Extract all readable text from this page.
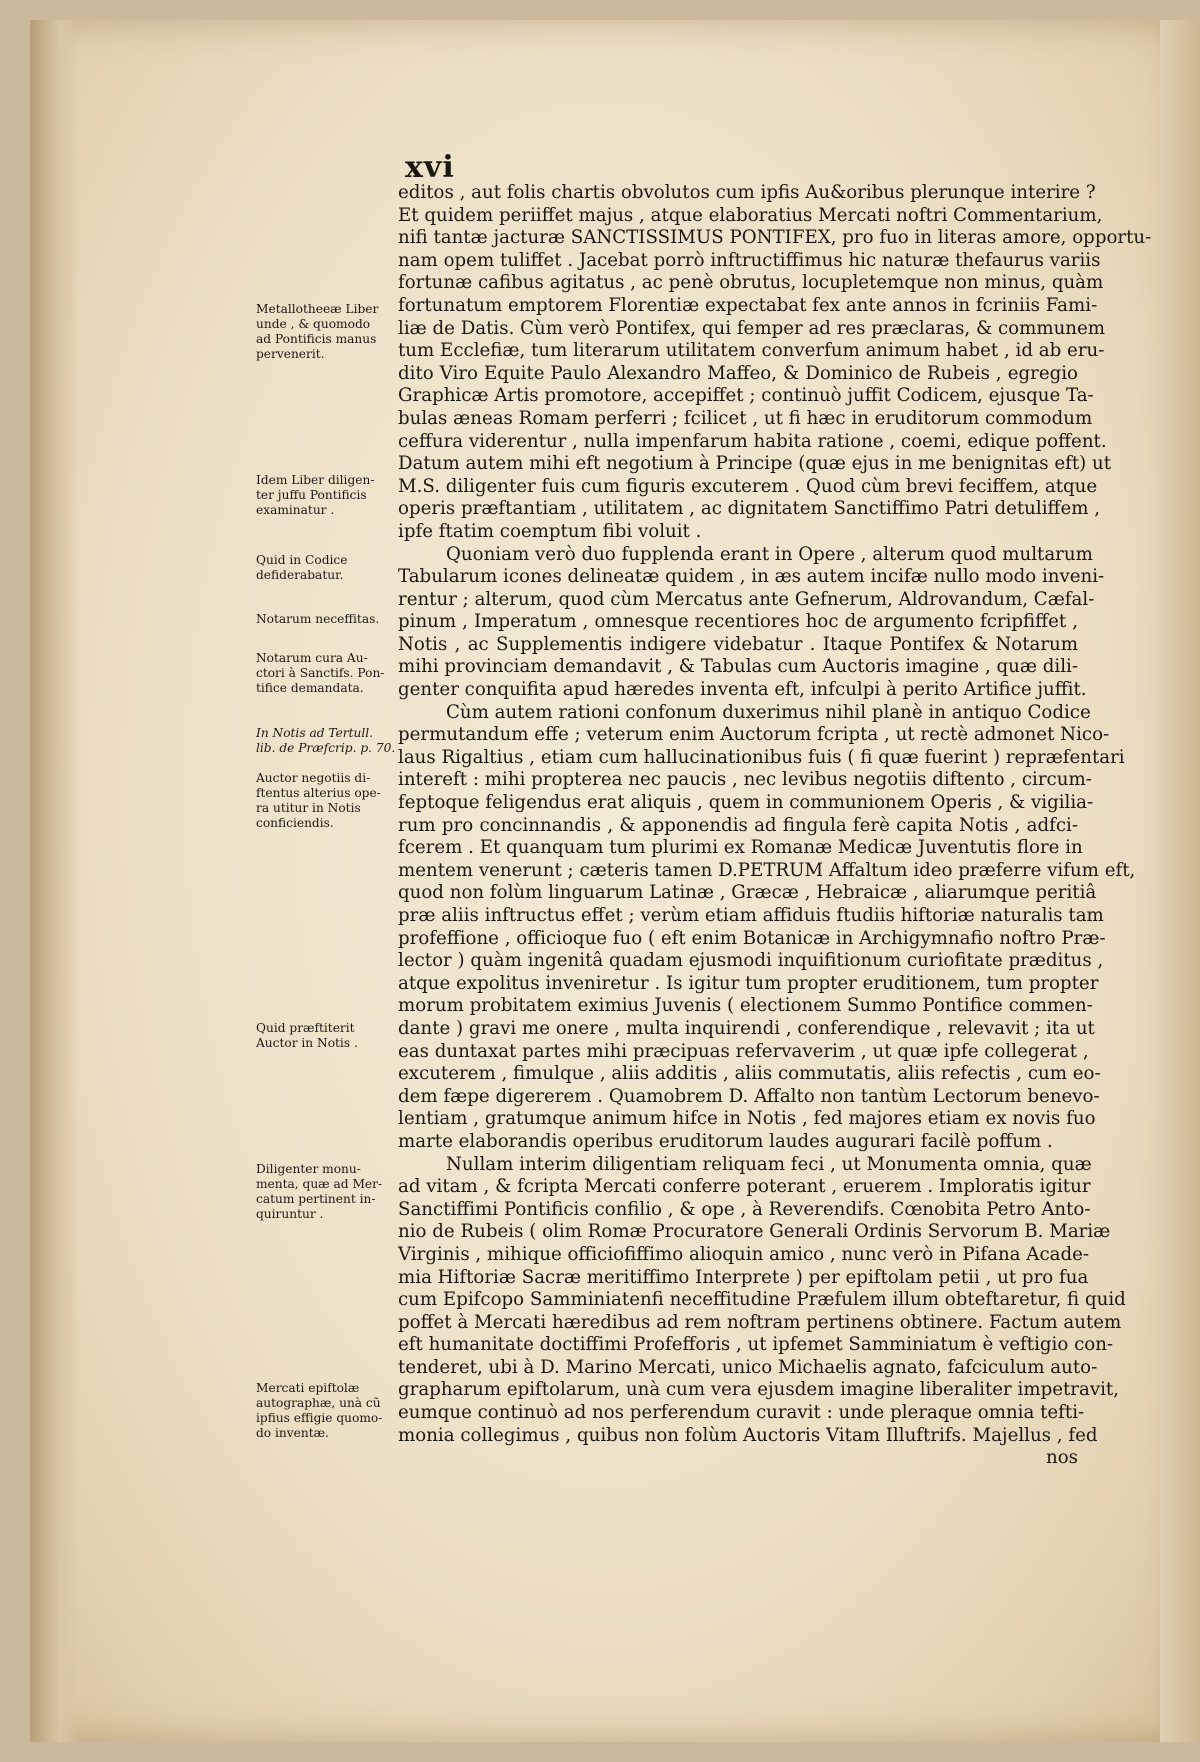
xvi
editos , aut folis chartis obvolutos cum ipfis Au&oribus plerunque interire ?
Et quidem periiffet majus , atque elaboratius Mercati noftri Commentarium,
nifi tantæ jacturæ SANCTISSIMUS PONTIFEX, pro fuo in literas amore, opportu-
nam opem tuliffet . Jacebat porrò inftructiffimus hic naturæ thefaurus variis
fortunæ cafibus agitatus , ac penè obrutus, locupletemque non minus, quàm
fortunatum emptorem Florentiæ expectabat fex ante annos in fcriniis Fami-
liæ de Datis. Cùm verò Pontifex, qui femper ad res præclaras, & communem
tum Ecclefiæ, tum literarum utilitatem converfum animum habet , id ab eru-
dito Viro Equite Paulo Alexandro Maffeo, & Dominico de Rubeis , egregio
Graphicæ Artis promotore, accepiffet ; continuò juffit Codicem, ejusque Ta-
bulas æneas Romam perferri ; fcilicet , ut fi hæc in eruditorum commodum
ceffura viderentur , nulla impenfarum habita ratione , coemi, edique poffent.
Datum autem mihi eft negotium à Principe (quæ ejus in me benignitas eft) ut
M.S. diligenter fuis cum figuris excuterem . Quod cùm brevi feciffem, atque
operis præftantiam , utilitatem , ac dignitatem Sanctiffimo Patri detuliffem ,
ipfe ftatim coemptum fibi voluit .
Quoniam verò duo fupplenda erant in Opere , alterum quod multarum
Tabularum icones delineatæ quidem , in æs autem incifæ nullo modo inveni-
rentur ; alterum, quod cùm Mercatus ante Gefnerum, Aldrovandum, Cæfal-
pinum , Imperatum , omnesque recentiores hoc de argumento fcripfiffet ,
Notis , ac Supplementis indigere videbatur . Itaque Pontifex & Notarum
mihi provinciam demandavit , & Tabulas cum Auctoris imagine , quæ dili-
genter conquifita apud hæredes inventa eft, infculpi à perito Artifice juffit.
Cùm autem rationi confonum duxerimus nihil planè in antiquo Codice
permutandum effe ; veterum enim Auctorum fcripta , ut rectè admonet Nico-
laus Rigaltius , etiam cum hallucinationibus fuis ( fi quæ fuerint ) repræfentari
intereft : mihi propterea nec paucis , nec levibus negotiis diftento , circum-
feptoque feligendus erat aliquis , quem in communionem Operis , & vigilia-
rum pro concinnandis , & apponendis ad fingula ferè capita Notis , adfci-
fcerem . Et quanquam tum plurimi ex Romanæ Medicæ Juventutis flore in
mentem venerunt ; cæteris tamen D.PETRUM Affaltum ideo præferre vifum eft,
quod non folùm linguarum Latinæ , Græcæ , Hebraicæ , aliarumque peritiâ
præ aliis inftructus effet ; verùm etiam affiduis ftudiis hiftoriæ naturalis tam
profeffione , officioque fuo ( eft enim Botanicæ in Archigymnafio noftro Præ-
lector ) quàm ingenitâ quadam ejusmodi inquifitionum curiofitate præditus ,
atque expolitus inveniretur . Is igitur tum propter eruditionem, tum propter
morum probitatem eximius Juvenis ( electionem Summo Pontifice commen-
dante ) gravi me onere , multa inquirendi , conferendique , relevavit ; ita ut
eas duntaxat partes mihi præcipuas refervaverim , ut quæ ipfe collegerat ,
excuterem , fimulque , aliis additis , aliis commutatis, aliis refectis , cum eo-
dem fæpe digererem . Quamobrem D. Affalto non tantùm Lectorum benevo-
lentiam , gratumque animum hifce in Notis , fed majores etiam ex novis fuo
marte elaborandis operibus eruditorum laudes augurari facilè poffum .
Nullam interim diligentiam reliquam feci , ut Monumenta omnia, quæ
ad vitam , & fcripta Mercati conferre poterant , eruerem . Imploratis igitur
Sanctiffimi Pontificis confilio , & ope , à Reverendifs. Cœnobita Petro Anto-
nio de Rubeis ( olim Romæ Procuratore Generali Ordinis Servorum B. Mariæ
Virginis , mihique officiofiffimo alioquin amico , nunc verò in Pifana Acade-
mia Hiftoriæ Sacræ meritiffimo Interprete ) per epiftolam petii , ut pro fua
cum Epifcopo Samminiatenfi neceffitudine Præfulem illum obteftaretur, fi quid
poffet à Mercati hæredibus ad rem noftram pertinens obtinere. Factum autem
eft humanitate doctiffimi Profefforis , ut ipfemet Samminiatum è veftigio con-
tenderet, ubi à D. Marino Mercati, unico Michaelis agnato, fafciculum auto-
grapharum epiftolarum, unà cum vera ejusdem imagine liberaliter impetravit,
eumque continuò ad nos perferendum curavit : unde pleraque omnia tefti-
monia collegimus , quibus non folùm Auctoris Vitam Illuftrifs. Majellus , fed
nos
Metallotheeæ Liber
unde , & quomodo
ad Pontificis manus
pervenerit.
Idem Liber diligen-
ter juffu Pontificis
examinatur .
Quid in Codice
defiderabatur.
Notarum neceffitas.
Notarum cura Au-
ctori à Sanctifs. Pon-
tifice demandata.
In Notis ad Tertull.
lib. de Præfcrip. p. 70.
Auctor negotiis di-
ftentus alterius ope-
ra utitur in Notis
conficiendis.
Quid præftiterit
Auctor in Notis .
Diligenter monu-
menta, quæ ad Mer-
catum pertinent in-
quiruntur .
Mercati epiftolæ
autographæ, unà cũ
ipfius effigie quomo-
do inventæ.
